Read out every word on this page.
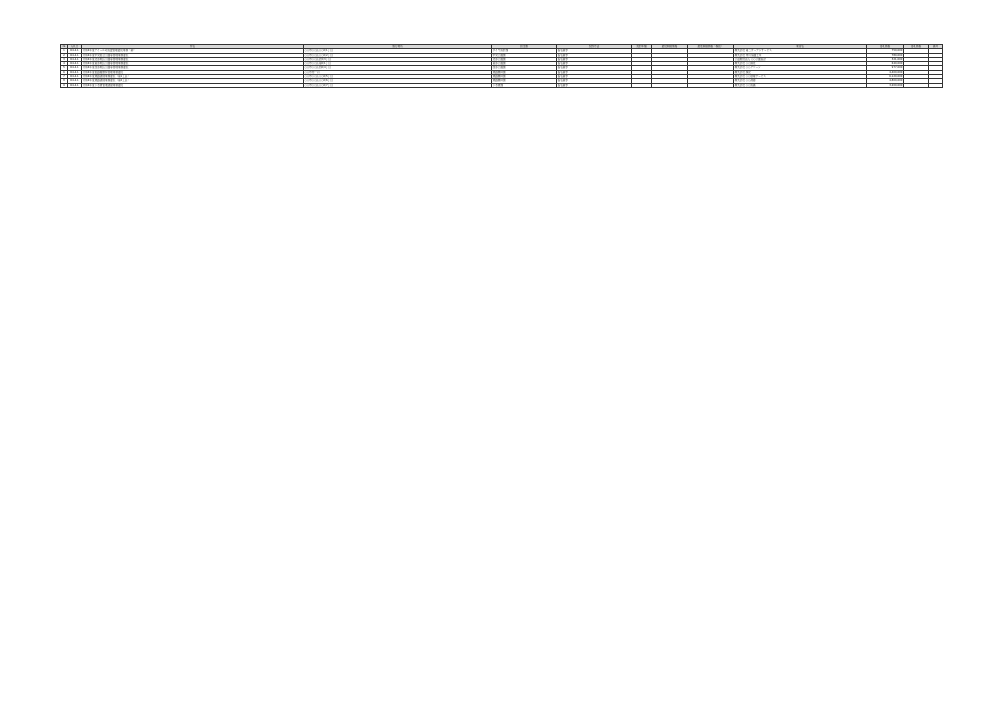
№	入札日	件名	施行場所	担当課	契約方法	契約年額	最低制限価格	最低制限価格（税抜）	業者名	落札価格	落札価格	備考
1	R4.4.1	令和4年度デイールの設置管理委託業務（新）	○○市○○区○○町1丁目	ダイヤ設計課	指名競争				株式会社 第二ガーデンサービス	750,000		
2	R4.4.1	令和4年度中央総合公園等管理業務委託	○○市○○区○○町2丁目	中央公園課	指名競争				株式会社 市川造園土木	780,000		
3	R4.4.1	令和4年度北部地区公園等管理業務委託	○○市○○区北町3丁目	北部公園課	指名競争				公益財団法人 ○○公園協会	321,000		
4	R4.4.1	令和4年度南部地区公園等管理業務委託	○○市○○区南町1丁目	南部公園課	指名競争				株式会社 ○○緑化	640,000		
5	R4.4.1	令和4年度西部地区公園等管理業務委託	○○市○○区西町4丁目	西部公園課	指名競争				株式会社 ○○グリーン	977,000		
6	R4.4.1	令和4年度街路樹維持管理業務委託	○○市内一円	道路維持課	指名競争				株式会社 緑化	4,400,000		
7	R4.4.1	令和4年度道路清掃業務委託（第1工区）	○○市○○区○○町5丁目	道路維持課	指名競争				株式会社 ○○環境サービス	6,120,000		
8	R4.4.1	令和4年度道路清掃業務委託（第2工区）	○○市○○区○○町6丁目	道路維持課	指名競争				株式会社 ○○清掃	4,800,000		
9	R4.4.1	令和4年度下水道管渠清掃業務委託	○○市○○区○○町7丁目	下水道課	指名競争				株式会社 ○○設備	3,200,000		
